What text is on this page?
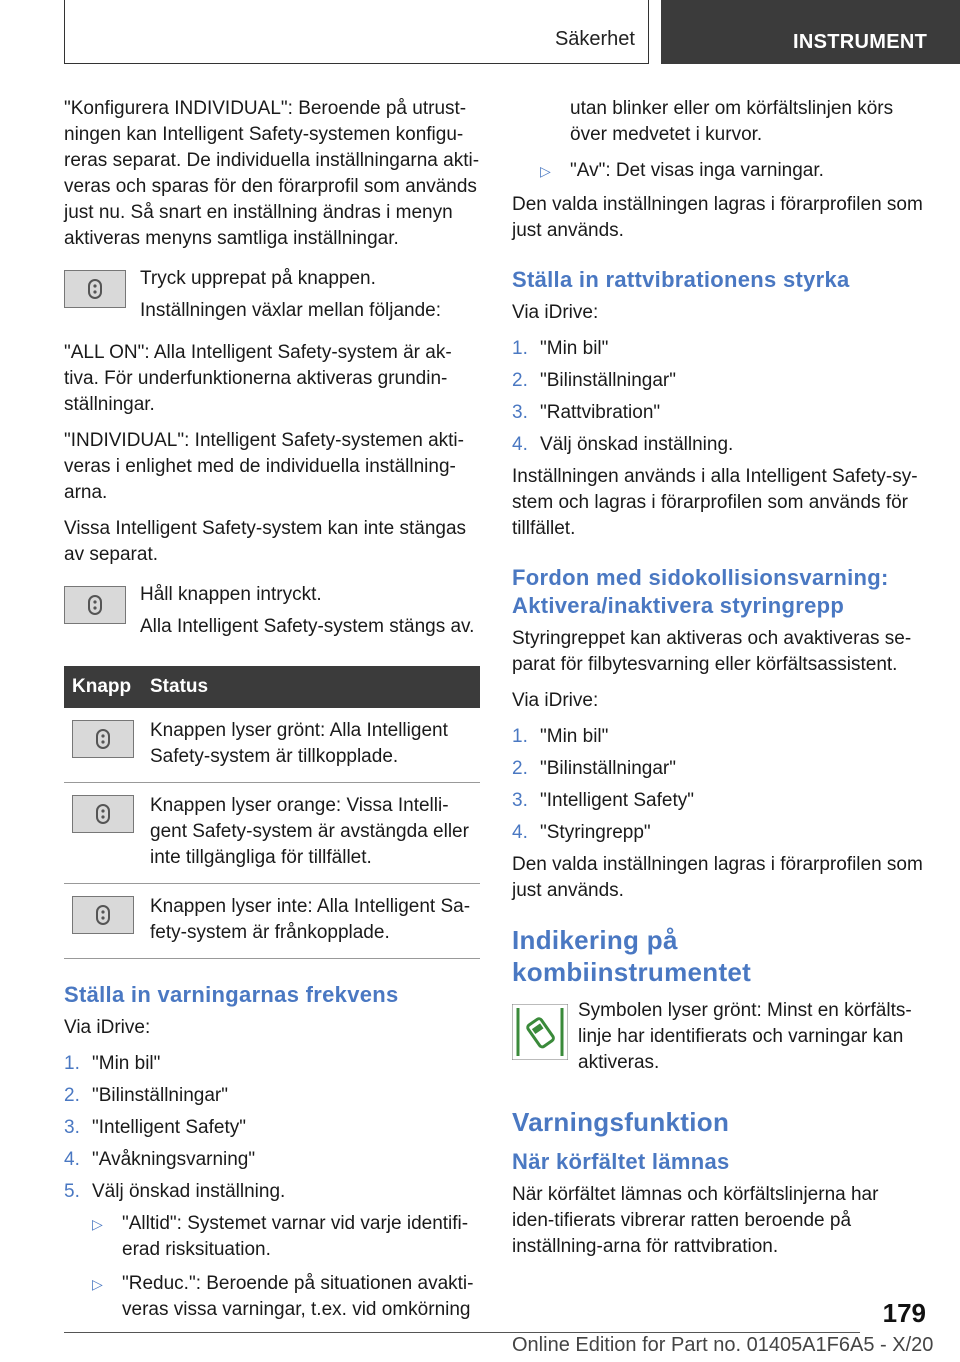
Säkerhet	INSTRUMENT

"Konfigurera INDIVIDUAL": Beroende på utrust-ningen kan Intelligent Safety-systemen konfigu-reras separat. De individuella inställningarna akti-veras och sparas för den förarprofil som används just nu. Så snart en inställning ändras i menyn aktiveras menyns samtliga inställningar.

Tryck upprepat på knappen.

Inställningen växlar mellan följande:

"ALL ON": Alla Intelligent Safety-system är ak-tiva. För underfunktionerna aktiveras grundin-ställningar.

"INDIVIDUAL": Intelligent Safety-systemen akti-veras i enlighet med de individuella inställning-arna.

Vissa Intelligent Safety-system kan inte stängas av separat.

Håll knappen intryckt.

Alla Intelligent Safety-system stängs av.

Knapp	Status

	Knappen lyser grönt: Alla Intelligent Safety-system är tillkopplade.

	Knappen lyser orange: Vissa Intelli-gent Safety-system är avstängda eller inte tillgängliga för tillfället.

	Knappen lyser inte: Alla Intelligent Sa-fety-system är frånkopplade.
Ställa in varningarnas frekvens

Via iDrive:

1. "Min bil"
2. "Bilinställningar"
3. "Intelligent Safety"
4. "Avåkningsvarning"
5. Välj önskad inställning.
▷	"Alltid": Systemet varnar vid varje identifi-erad risksituation.
▷	"Reduc.": Beroende på situationen avakti-veras vissa varningar, t.ex. vid omkörning

utan blinker eller om körfältslinjen körs över medvetet i kurvor.

▷	"Av": Det visas inga varningar.

Den valda inställningen lagras i förarprofilen som just används.

Ställa in rattvibrationens styrka

Via iDrive:

1. "Min bil"
2. "Bilinställningar"
3. "Rattvibration"
4. Välj önskad inställning.

Inställningen används i alla Intelligent Safety-sy-stem och lagras i förarprofilen som används för tillfället.

Fordon med sidokollisionsvarning: Aktivera/inaktivera styringrepp

Styringreppet kan aktiveras och avaktiveras se-parat för filbytesvarning eller körfältsassistent.

Via iDrive:

1. "Min bil"
2. "Bilinställningar"
3. "Intelligent Safety"
4. "Styringrepp"

Den valda inställningen lagras i förarprofilen som just används.

Indikering på kombiinstrumentet

Symbolen lyser grönt: Minst en körfälts-linje har identifierats och varningar kan aktiveras.

Varningsfunktion
När körfältet lämnas

När körfältet lämnas och körfältslinjerna har iden-tifierats vibrerar ratten beroende på inställning-arna för rattvibration.

179
Online Edition for Part no. 01405A1F6A5 - X/20
